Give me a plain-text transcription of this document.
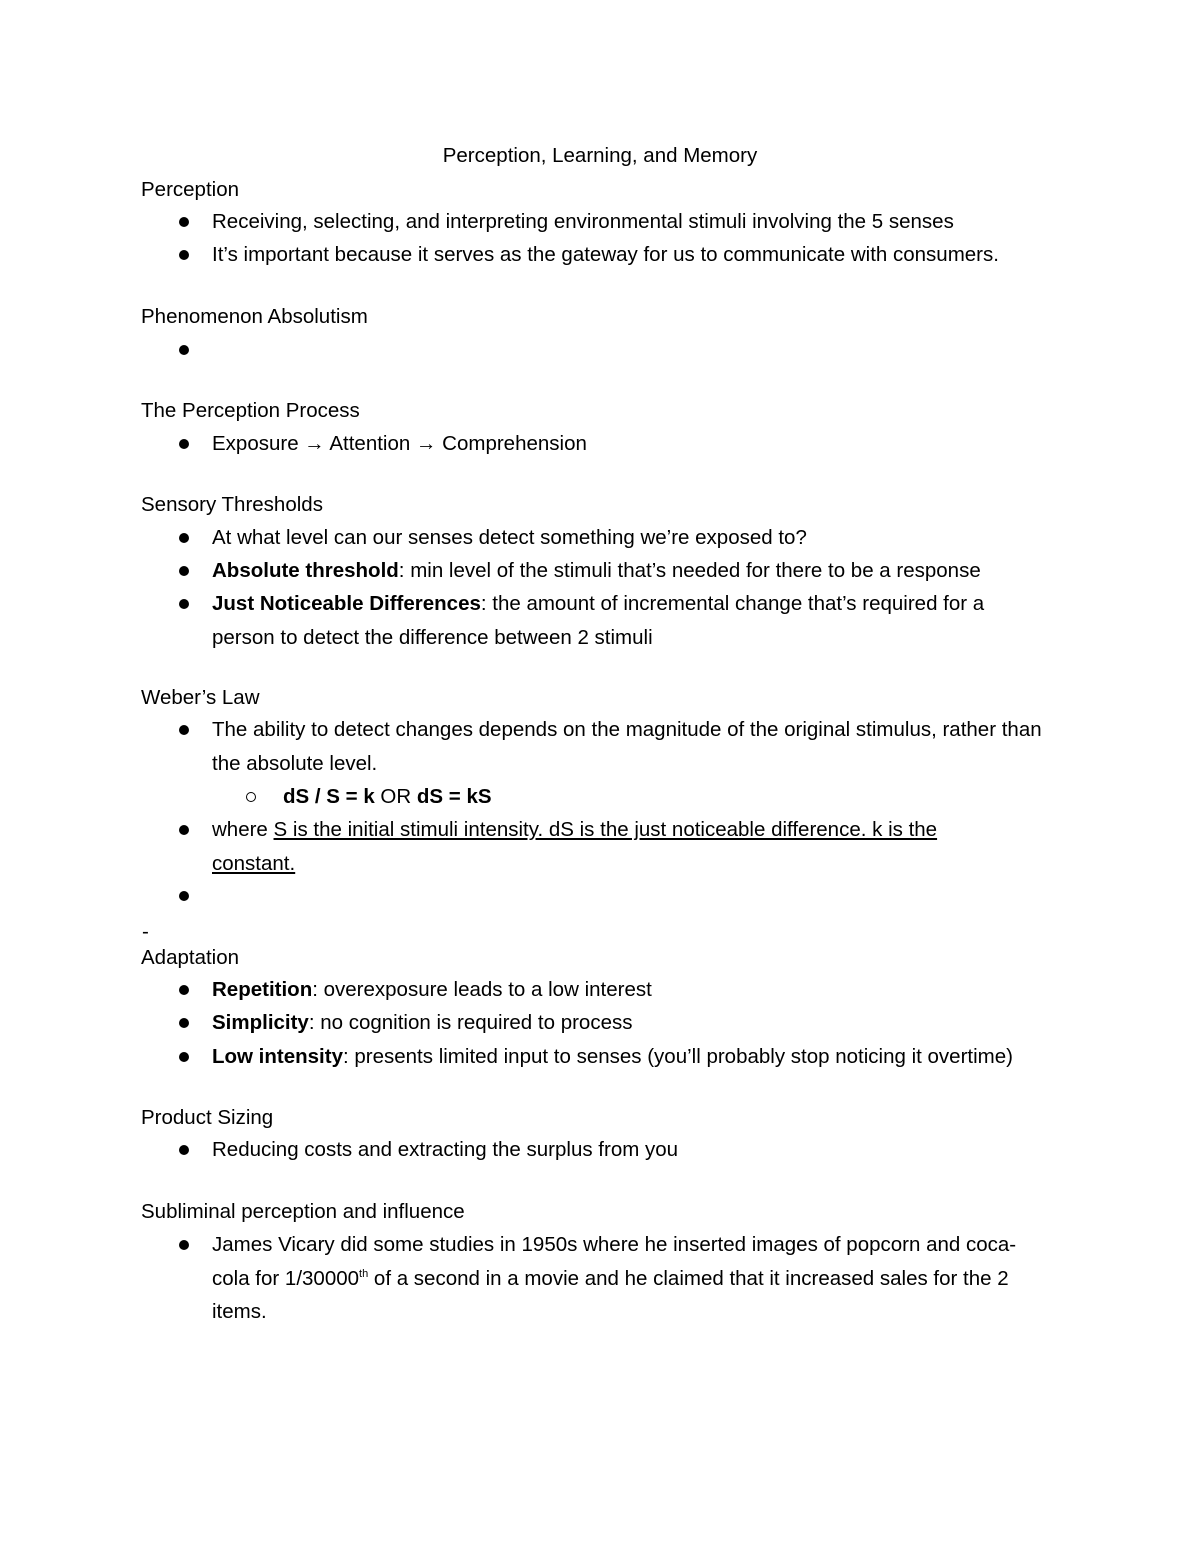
Perception, Learning, and Memory
Perception
Receiving, selecting, and interpreting environmental stimuli involving the 5 senses
It’s important because it serves as the gateway for us to communicate with consumers.
Phenomenon Absolutism
The Perception Process
Exposure → Attention → Comprehension
Sensory Thresholds
At what level can our senses detect something we’re exposed to?
Absolute threshold: min level of the stimuli that’s needed for there to be a response
Just Noticeable Differences: the amount of incremental change that’s required for a person to detect the difference between 2 stimuli
Weber’s Law
The ability to detect changes depends on the magnitude of the original stimulus, rather than the absolute level.
dS / S = k OR dS = kS
where S is the initial stimuli intensity. dS is the just noticeable difference. k is the constant.
-
Adaptation
Repetition: overexposure leads to a low interest
Simplicity: no cognition is required to process
Low intensity: presents limited input to senses (you’ll probably stop noticing it overtime)
Product Sizing
Reducing costs and extracting the surplus from you
Subliminal perception and influence
James Vicary did some studies in 1950s where he inserted images of popcorn and coca-cola for 1/30000th of a second in a movie and he claimed that it increased sales for the 2 items.
